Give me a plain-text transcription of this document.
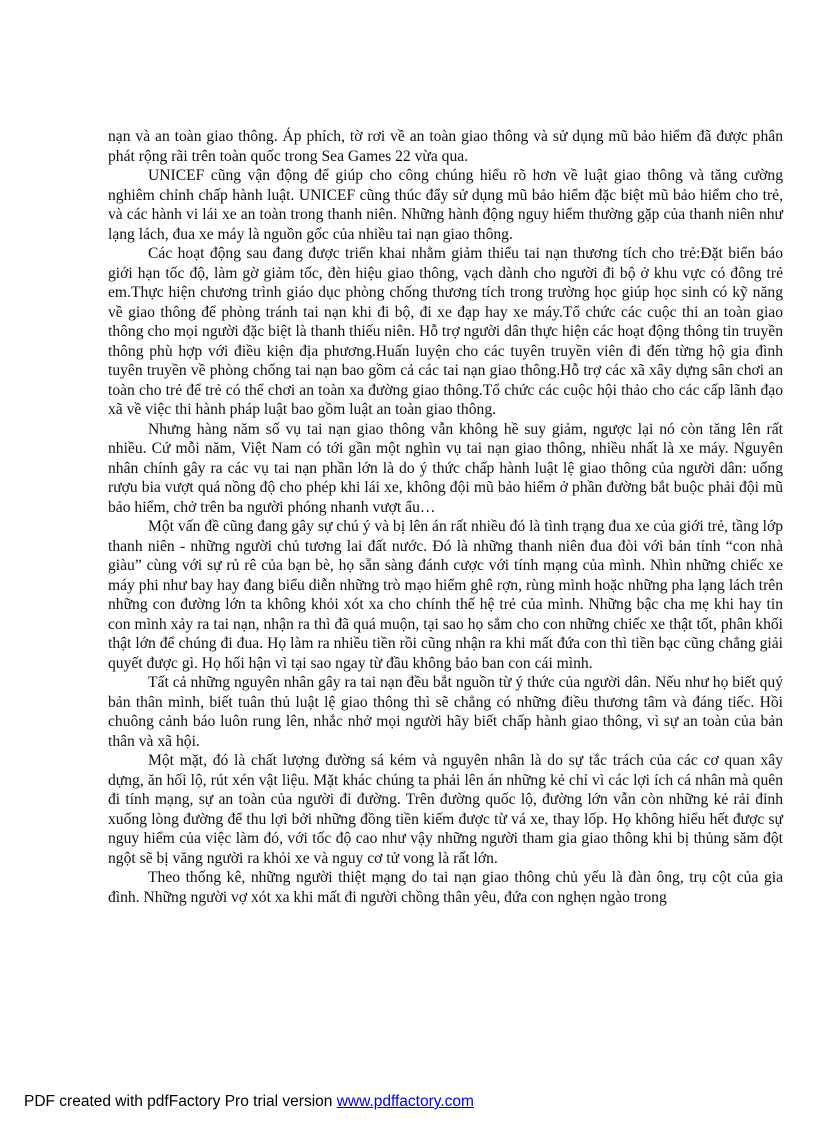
nạn và an toàn giao thông. Áp phích, tờ rơi về an toàn giao thông và sử dụng mũ bảo hiểm đã được phân phát rộng rãi trên toàn quốc trong Sea Games 22 vừa qua.

UNICEF cũng vận động để giúp cho công chúng hiểu rõ hơn về luật giao thông và tăng cường nghiêm chỉnh chấp hành luật. UNICEF cũng thúc đẩy sử dụng mũ bảo hiểm đặc biệt mũ bảo hiểm cho trẻ, và các hành vi lái xe an toàn trong thanh niên. Những hành động nguy hiểm thường gặp của thanh niên như lạng lách, đua xe máy là nguồn gốc của nhiều tai nạn giao thông.

Các hoạt động sau đang được triển khai nhằm giảm thiểu tai nạn thương tích cho trẻ:Đặt biển báo giới hạn tốc độ, làm gờ giảm tốc, đèn hiệu giao thông, vạch dành cho người đi bộ ở khu vực có đông trẻ em.Thực hiện chương trình giáo dục phòng chống thương tích trong trường học giúp học sinh có kỹ năng về giao thông để phòng tránh tai nạn khi đi bộ, đi xe đạp hay xe máy.Tổ chức các cuộc thi an toàn giao thông cho mọi người đặc biệt là thanh thiếu niên. Hỗ trợ người dân thực hiện các hoạt động thông tin truyền thông phù hợp với điều kiện địa phương.Huấn luyện cho các tuyên truyền viên đi đến từng hộ gia đình tuyên truyền về phòng chống tai nạn bao gồm cả các tai nạn giao thông.Hỗ trợ các xã xây dựng sân chơi an toàn cho trẻ để trẻ có thể chơi an toàn xa đường giao thông.Tổ chức các cuộc hội thảo cho các cấp lãnh đạo xã về việc thi hành pháp luật bao gồm luật an toàn giao thông.

Nhưng hàng năm số vụ tai nạn giao thông vẫn không hề suy giảm, ngược lại nó còn tăng lên rất nhiều. Cứ mỗi năm, Việt Nam có tới gần một nghìn vụ tai nạn giao thông, nhiều nhất là xe máy. Nguyên nhân chính gây ra các vụ tai nạn phần lớn là do ý thức chấp hành luật lệ giao thông của người dân: uống rượu bia vượt quá nồng độ cho phép khi lái xe, không đội mũ bảo hiểm ở phần đường bắt buộc phải đội mũ bảo hiểm, chở trên ba người phóng nhanh vượt ẩu…

Một vấn đề cũng đang gây sự chú ý và bị lên án rất nhiều đó là tình trạng đua xe của giới trẻ, tầng lớp thanh niên - những người chủ tương lai đất nước. Đó là những thanh niên đua đòi với bản tính “con nhà giàu” cùng với sự rủ rê của bạn bè, họ sẵn sàng đánh cược với tính mạng của mình. Nhìn những chiếc xe máy phi như bay hay đang biểu diễn những trò mạo hiểm ghê rợn, rùng mình hoặc những pha lạng lách trên những con đường lớn ta không khỏi xót xa cho chính thế hệ trẻ của mình. Những bậc cha mẹ khi hay tin con mình xảy ra tai nạn, nhận ra thì đã quá muộn, tại sao họ sắm cho con những chiếc xe thật tốt, phân khối thật lớn để chúng đi đua. Họ làm ra nhiều tiền rồi cũng nhận ra khi mất đứa con thì tiền bạc cũng chẳng giải quyết được gì. Họ hối hận vì tại sao ngay từ đầu không bảo ban con cái mình.

Tất cả những nguyên nhân gây ra tai nạn đều bắt nguồn từ ý thức của người dân. Nếu như họ biết quý bản thân mình, biết tuân thủ luật lệ giao thông thì sẽ chẳng có những điều thương tâm và đáng tiếc. Hồi chuông cảnh báo luôn rung lên, nhắc nhở mọi người hãy biết chấp hành giao thông, vì sự an toàn của bản thân và xã hội.

Một mặt, đó là chất lượng đường sá kém và nguyên nhân là do sự tắc trách của các cơ quan xây dựng, ăn hối lộ, rút xén vật liệu. Mặt khác chúng ta phải lên án những kẻ chỉ vì các lợi ích cá nhân mà quên đi tính mạng, sự an toàn của người đi đường. Trên đường quốc lộ, đường lớn vẫn còn những kẻ rải đinh xuống lòng đường để thu lợi bởi những đồng tiền kiếm được từ vá xe, thay lốp. Họ không hiểu hết được sự nguy hiểm của việc làm đó, với tốc độ cao như vậy những người tham gia giao thông khi bị thủng săm đột ngột sẽ bị văng người ra khỏi xe và nguy cơ tử vong là rất lớn.

Theo thống kê, những người thiệt mạng do tai nạn giao thông chủ yếu là đàn ông, trụ cột của gia đình. Những người vợ xót xa khi mất đi người chồng thân yêu, đứa con nghẹn ngào trong

PDF created with pdfFactory Pro trial version www.pdffactory.com
